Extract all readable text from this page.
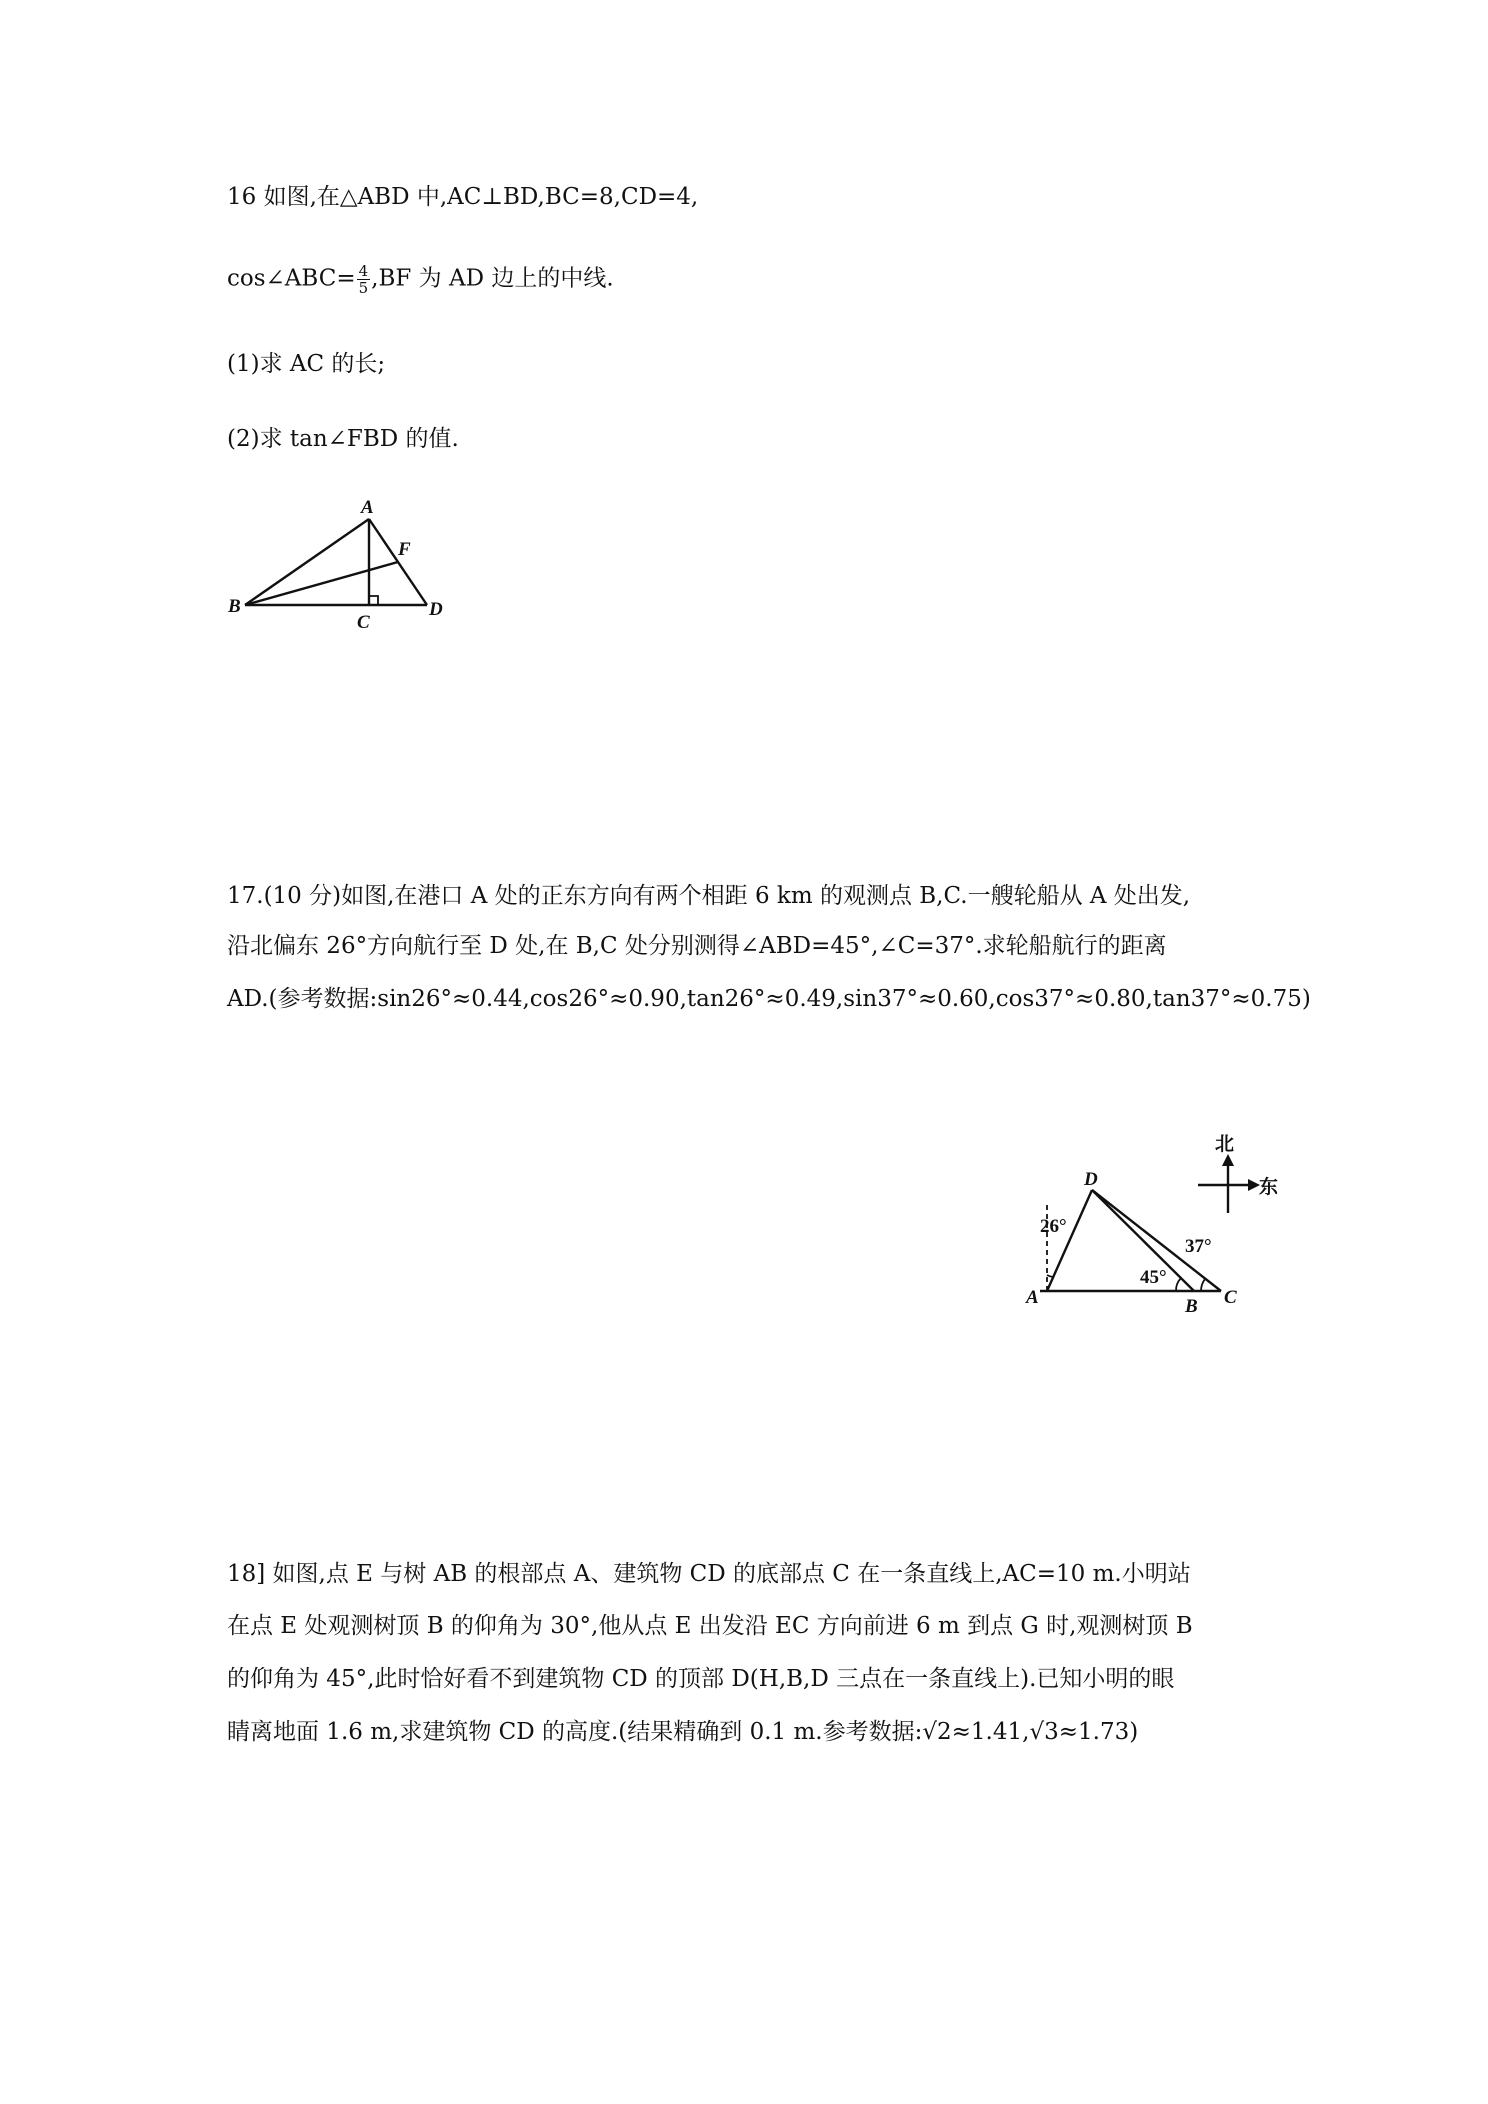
16 如图,在△ABD 中,AC⊥BD,BC=8,CD=4,
cos∠ABC= $\frac{4}{5} ,BF$ 为 AD 边上的中线.
(1)求 AC 的长;
(2)求 tan∠FBD 的值.
A
B
C
D
F
17.(10 分)如图,在港口 A 处的正东方向有两个相距 6 km 的观测点 B,C.一艘轮船从 A 处出发,
沿北偏东 26°方向航行至 D 处,在 B,C 处分别测得∠ABD=45°,∠C=37°.求轮船航行的距离
AD.(参考数据:sin26°≈0.44,cos26°≈0.90,tan26°≈0.49,sin37°≈0.60,cos37°≈0.80,tan37°≈0.75)
北
东
D
A	B C
26°
45°
37°
18] 如图,点 E 与树 AB 的根部点 A、建筑物 CD 的底部点 C 在一条直线上,AC=10 m.小明站
在点 E 处观测树顶 B 的仰角为 30°,他从点 E 出发沿 EC 方向前进 6 m 到点 G 时,观测树顶 B
的仰角为 45°,此时恰好看不到建筑物 CD 的顶部 D(H,B,D 三点在一条直线上).已知小明的眼
睛离地面 1.6 m,求建筑物 CD 的高度.(结果精确到 0.1 m.参考数据:√2≈1.41,√3≈1.73)
